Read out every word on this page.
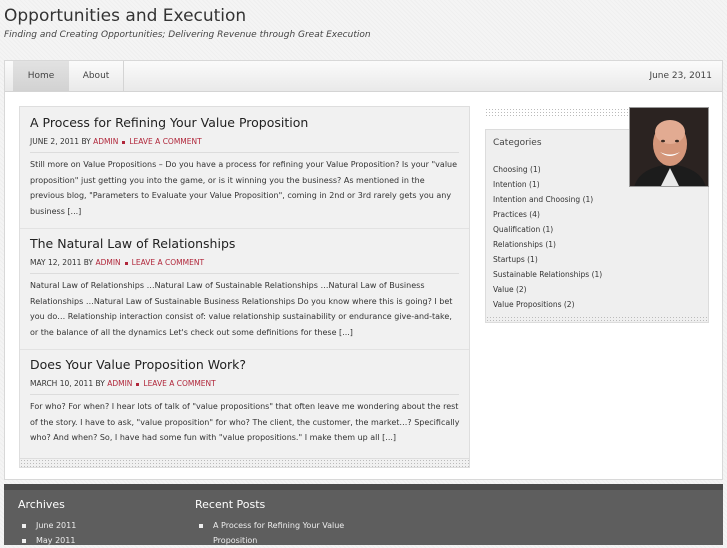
Opportunities and Execution
Finding and Creating Opportunities; Delivering Revenue through Great Execution
Home	About	June 23, 2011
A Process for Refining Your Value Proposition
JUNE 2, 2011 BY ADMIN LEAVE A COMMENT
Still more on Value Propositions – Do you have a process for refining your Value Proposition? Is your "value proposition" just getting you into the game, or is it winning you the business? As mentioned in the previous blog, "Parameters to Evaluate your Value Proposition", coming in 2nd or 3rd rarely gets you any business [...]
The Natural Law of Relationships
MAY 12, 2011 BY ADMIN LEAVE A COMMENT
Natural Law of Relationships …Natural Law of Sustainable Relationships …Natural Law of Business Relationships …Natural Law of Sustainable Business Relationships Do you know where this is going? I bet you do… Relationship interaction consist of: value relationship sustainability or endurance give-and-take, or the balance of all the dynamics Let's check out some definitions for these [...]
Does Your Value Proposition Work?
MARCH 10, 2011 BY ADMIN LEAVE A COMMENT
For who? For when? I hear lots of talk of "value propositions" that often leave me wondering about the rest of the story. I have to ask, "value proposition" for who? The client, the customer, the market…? Specifically who? And when? So, I have had some fun with "value propositions." I make them up all [...]
Categories
Choosing (1)
Intention (1)
Intention and Choosing (1)
Practices (4)
Qualification (1)
Relationships (1)
Startups (1)
Sustainable Relationships (1)
Value (2)
Value Propositions (2)
Archives
June 2011
May 2011
Recent Posts
A Process for Refining Your Value Proposition
